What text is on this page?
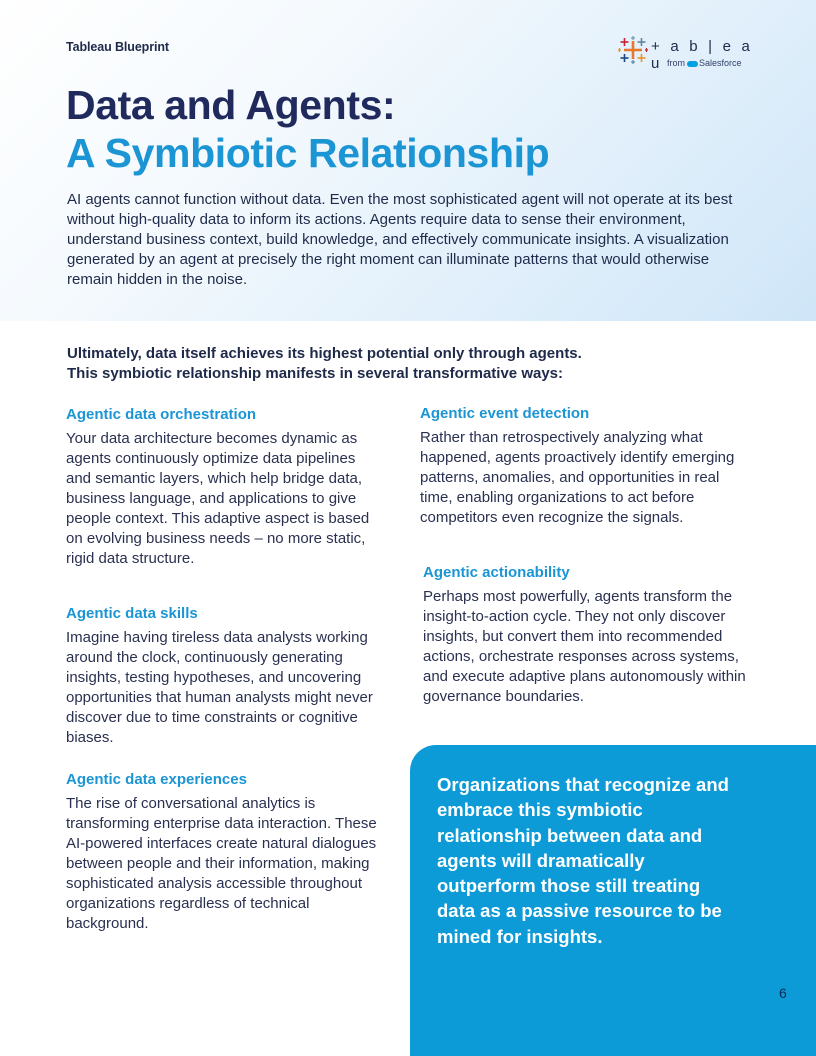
Tableau Blueprint	+ a b | e a u from Salesforce
Data and Agents:
A Symbiotic Relationship

AI agents cannot function without data. Even the most sophisticated agent will not operate at its best without high-quality data to inform its actions. Agents require data to sense their environment, understand business context, build knowledge, and effectively communicate insights. A visualization generated by an agent at precisely the right moment can illuminate patterns that would otherwise remain hidden in the noise.

Ultimately, data itself achieves its highest potential only through agents.
This symbiotic relationship manifests in several transformative ways:

Agentic data orchestration

Your data architecture becomes dynamic as agents continuously optimize data pipelines and semantic layers, which help bridge data, business language, and applications to give people context. This adaptive aspect is based on evolving business needs – no more static, rigid data structure.

Agentic data skills

Imagine having tireless data analysts working around the clock, continuously generating insights, testing hypotheses, and uncovering opportunities that human analysts might never discover due to time constraints or cognitive biases.

Agentic data experiences

The rise of conversational analytics is transforming enterprise data interaction. These AI-powered interfaces create natural dialogues between people and their information, making sophisticated analysis accessible throughout organizations regardless of technical background.

Agentic event detection

Rather than retrospectively analyzing what happened, agents proactively identify emerging patterns, anomalies, and opportunities in real time, enabling organizations to act before competitors even recognize the signals.

Agentic actionability

Perhaps most powerfully, agents transform the insight-to-action cycle. They not only discover insights, but convert them into recommended actions, orchestrate responses across systems, and execute adaptive plans autonomously within governance boundaries.

Organizations that recognize and embrace this symbiotic relationship between data and agents will dramatically outperform those still treating data as a passive resource to be mined for insights.

6
